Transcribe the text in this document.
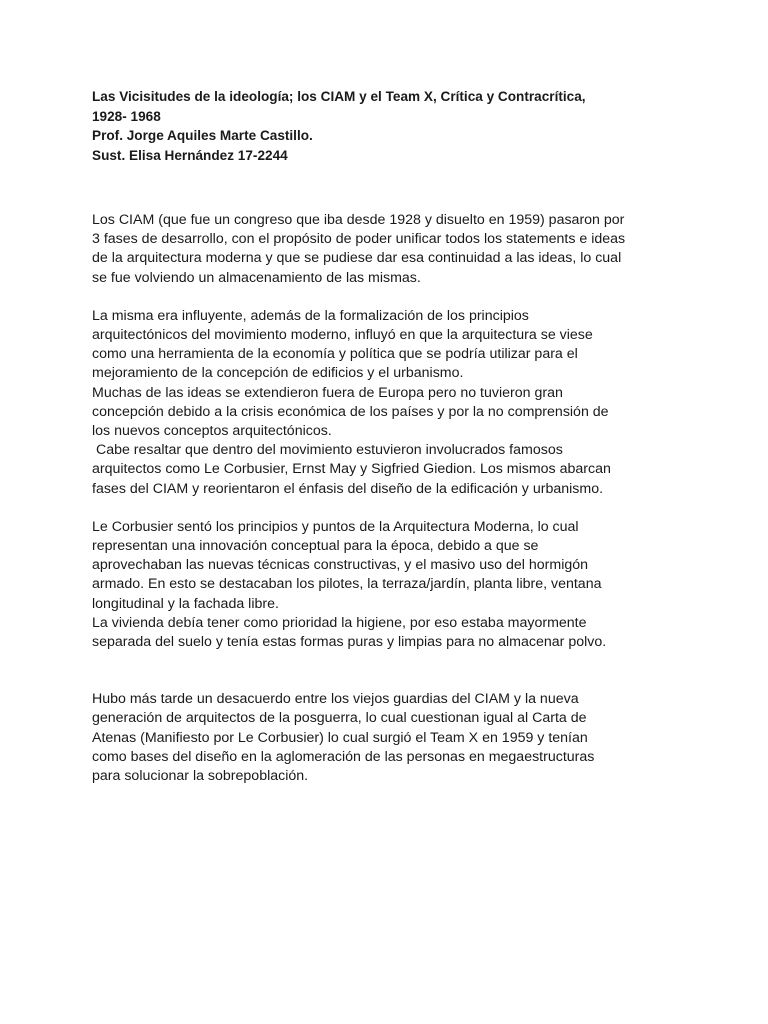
Las Vicisitudes de la ideología; los CIAM y el Team X, Crítica y Contracrítica,
1928- 1968
Prof. Jorge Aquiles Marte Castillo.
Sust. Elisa Hernández 17-2244
Los CIAM (que fue un congreso que iba desde 1928 y disuelto en 1959) pasaron por
3 fases de desarrollo, con el propósito de poder unificar todos los statements e ideas
de la arquitectura moderna y que se pudiese dar esa continuidad a las ideas, lo cual
se fue volviendo un almacenamiento de las mismas.
La misma era influyente, además de la formalización de los principios
arquitectónicos del movimiento moderno, influyó en que la arquitectura se viese
como una herramienta de la economía y política que se podría utilizar para el
mejoramiento de la concepción de edificios y el urbanismo.
Muchas de las ideas se extendieron fuera de Europa pero no tuvieron gran
concepción debido a la crisis económica de los países y por la no comprensión de
los nuevos conceptos arquitectónicos.
Cabe resaltar que dentro del movimiento estuvieron involucrados famosos
arquitectos como Le Corbusier, Ernst May y Sigfried Giedion. Los mismos abarcan
fases del CIAM y reorientaron el énfasis del diseño de la edificación y urbanismo.
Le Corbusier sentó los principios y puntos de la Arquitectura Moderna, lo cual
representan una innovación conceptual para la época, debido a que se
aprovechaban las nuevas técnicas constructivas, y el masivo uso del hormigón
armado. En esto se destacaban los pilotes, la terraza/jardín, planta libre, ventana
longitudinal y la fachada libre.
La vivienda debía tener como prioridad la higiene, por eso estaba mayormente
separada del suelo y tenía estas formas puras y limpias para no almacenar polvo.
Hubo más tarde un desacuerdo entre los viejos guardias del CIAM y la nueva
generación de arquitectos de la posguerra, lo cual cuestionan igual al Carta de
Atenas (Manifiesto por Le Corbusier) lo cual surgió el Team X en 1959 y tenían
como bases del diseño en la aglomeración de las personas en megaestructuras
para solucionar la sobrepoblación.
